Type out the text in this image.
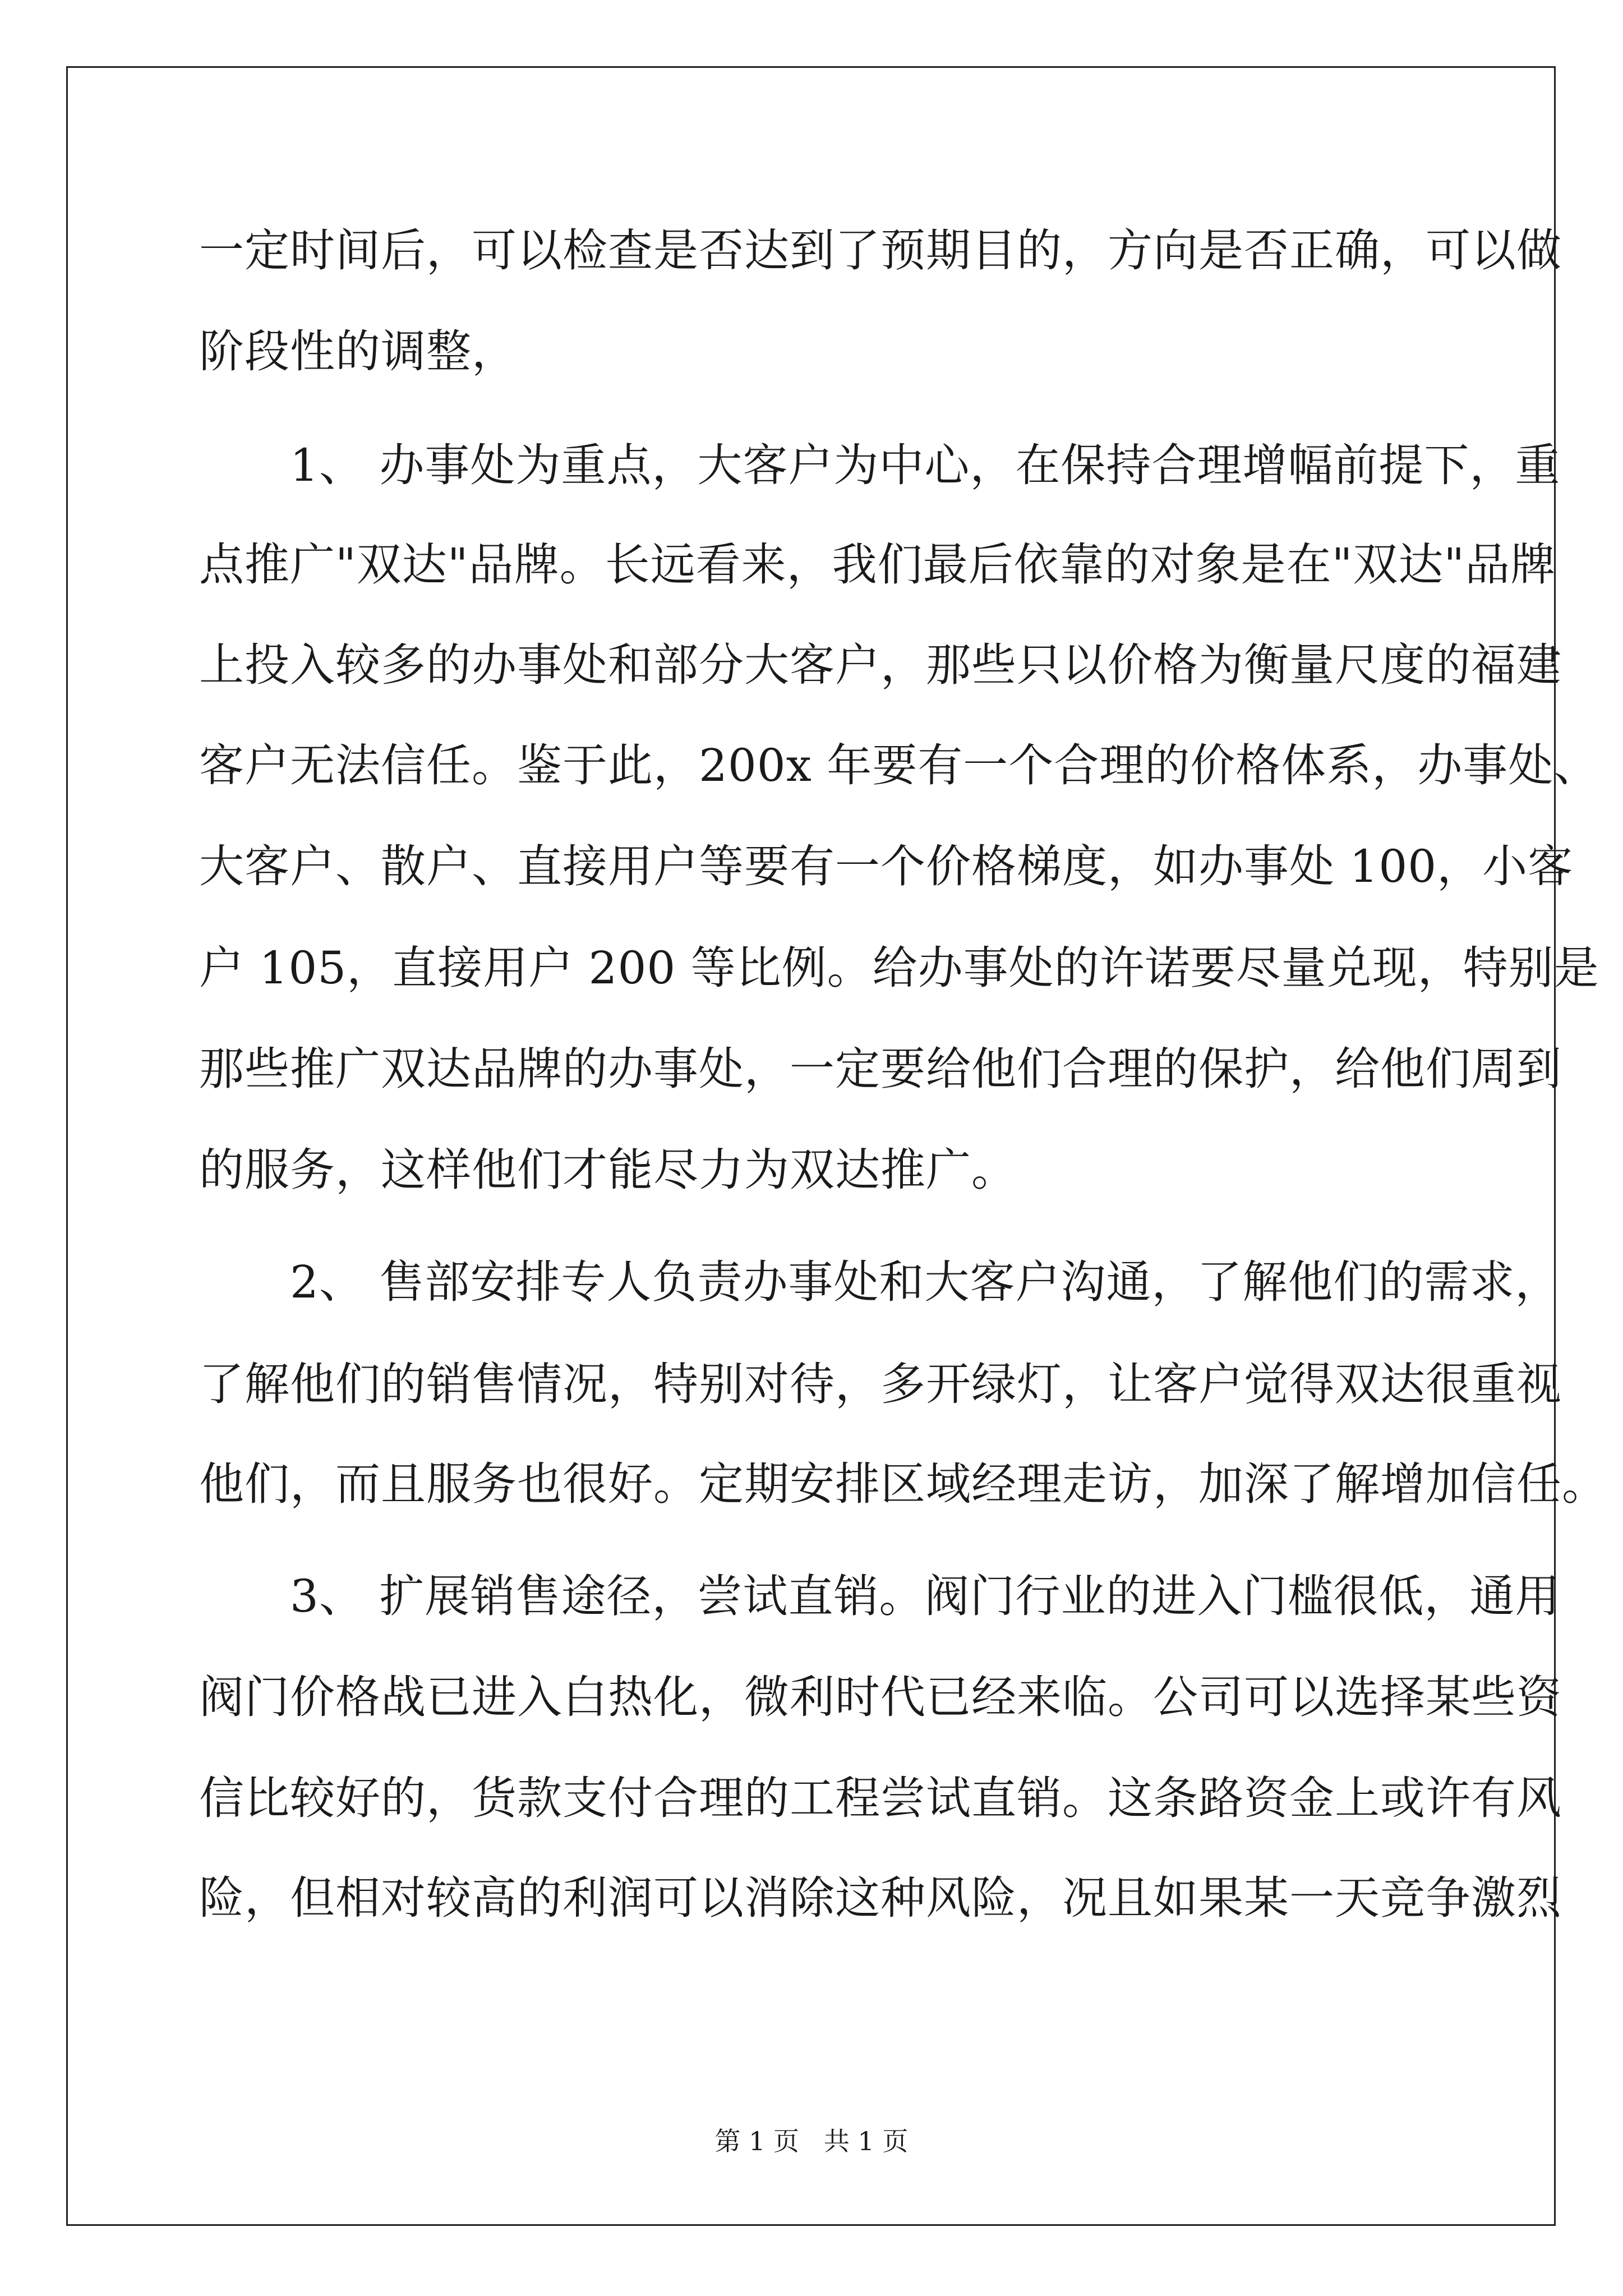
一定时间后，可以检查是否达到了预期目的，方向是否正确，可以做
阶段性的调整，
　　1、 办事处为重点，大客户为中心，在保持合理增幅前提下，重
点推广"双达"品牌。长远看来，我们最后依靠的对象是在"双达"品牌
上投入较多的办事处和部分大客户，那些只以价格为衡量尺度的福建
客户无法信任。鉴于此，200x 年要有一个合理的价格体系，办事处、
大客户、散户、直接用户等要有一个价格梯度，如办事处 100，小客
户 105，直接用户 200 等比例。给办事处的许诺要尽量兑现，特别是
那些推广双达品牌的办事处，一定要给他们合理的保护，给他们周到
的服务，这样他们才能尽力为双达推广。
　　2、 售部安排专人负责办事处和大客户沟通，了解他们的需求，
了解他们的销售情况，特别对待，多开绿灯，让客户觉得双达很重视
他们，而且服务也很好。定期安排区域经理走访，加深了解增加信任。
　　3、 扩展销售途径，尝试直销。阀门行业的进入门槛很低，通用
阀门价格战已进入白热化，微利时代已经来临。公司可以选择某些资
信比较好的，货款支付合理的工程尝试直销。这条路资金上或许有风
险，但相对较高的利润可以消除这种风险，况且如果某一天竞争激烈
第 1 页   共 1 页
